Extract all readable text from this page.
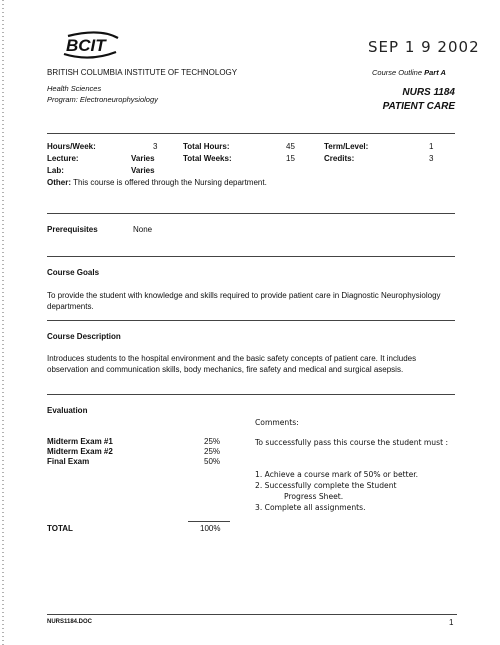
BCIT	SEP 1 9 2002
BRITISH COLUMBIA INSTITUTE OF TECHNOLOGY	Course Outline Part A
Health Sciences
Program: Electroneurophysiology
NURS 1184
PATIENT CARE
Hours/Week:	3	Total Hours:	45	Term/Level:	1
Lecture:	Varies	Total Weeks:	15	Credits:	3
Lab:	Varies
Other: This course is offered through the Nursing department.
Prerequisites	None
Course Goals
To provide the student with knowledge and skills required to provide patient care in Diagnostic Neurophysiology departments.
Course Description
Introduces students to the hospital environment and the basic safety concepts of patient care. It includes observation and communication skills, body mechanics, fire safety and medical and surgical asepsis.
Evaluation
Midterm Exam #1	25%
Midterm Exam #2	25%
Final Exam	50%
TOTAL	100%
Comments:
To successfully pass this course the student must :
1. Achieve a course mark of 50% or better.
2. Successfully complete the Student
Progress Sheet.
3. Complete all assignments.
NURS1184.DOC	1
